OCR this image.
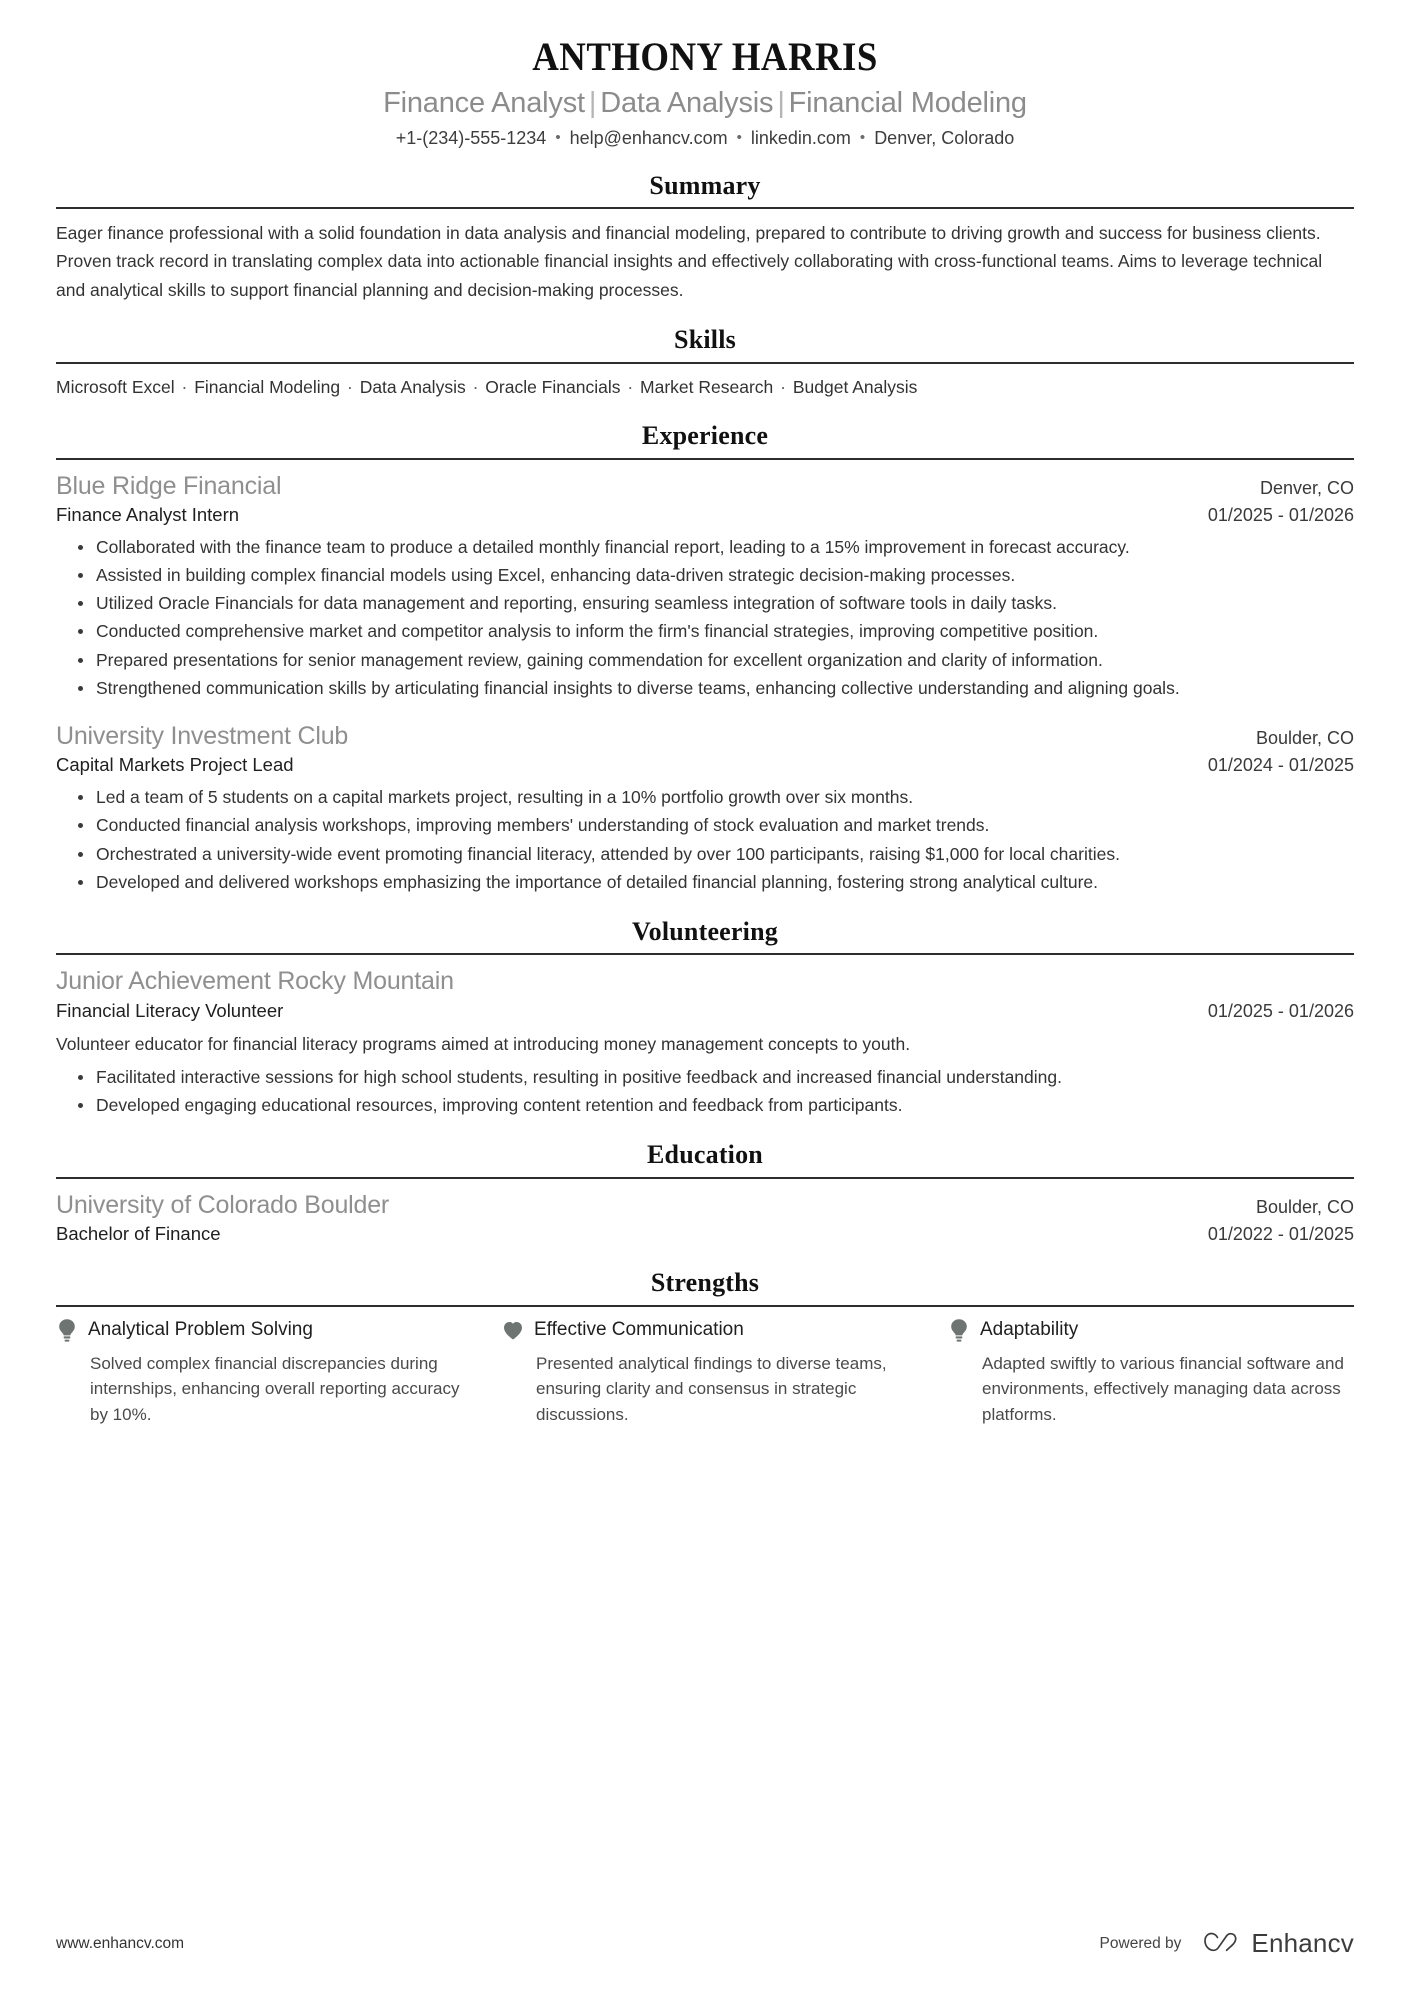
ANTHONY HARRIS
Finance Analyst | Data Analysis | Financial Modeling
+1-(234)-555-1234 • help@enhancv.com • linkedin.com • Denver, Colorado
Summary

Eager finance professional with a solid foundation in data analysis and financial modeling, prepared to contribute to driving growth and success for business clients. Proven track record in translating complex data into actionable financial insights and effectively collaborating with cross-functional teams. Aims to leverage technical and analytical skills to support financial planning and decision-making processes.

Skills

Microsoft Excel · Financial Modeling · Data Analysis · Oracle Financials · Market Research · Budget Analysis

Experience
Blue Ridge Financial	Denver, CO
Finance Analyst Intern	01/2025 - 01/2026
Collaborated with the finance team to produce a detailed monthly financial report, leading to a 15% improvement in forecast accuracy.
Assisted in building complex financial models using Excel, enhancing data-driven strategic decision-making processes.
Utilized Oracle Financials for data management and reporting, ensuring seamless integration of software tools in daily tasks.
Conducted comprehensive market and competitor analysis to inform the firm's financial strategies, improving competitive position.
Prepared presentations for senior management review, gaining commendation for excellent organization and clarity of information.
Strengthened communication skills by articulating financial insights to diverse teams, enhancing collective understanding and aligning goals.
University Investment Club	Boulder, CO
Capital Markets Project Lead	01/2024 - 01/2025
Led a team of 5 students on a capital markets project, resulting in a 10% portfolio growth over six months.
Conducted financial analysis workshops, improving members' understanding of stock evaluation and market trends.
Orchestrated a university-wide event promoting financial literacy, attended by over 100 participants, raising $1,000 for local charities.
Developed and delivered workshops emphasizing the importance of detailed financial planning, fostering strong analytical culture.
Volunteering
Junior Achievement Rocky Mountain
Financial Literacy Volunteer	01/2025 - 01/2026

Volunteer educator for financial literacy programs aimed at introducing money management concepts to youth.

Facilitated interactive sessions for high school students, resulting in positive feedback and increased financial understanding.
Developed engaging educational resources, improving content retention and feedback from participants.
Education
University of Colorado Boulder	Boulder, CO
Bachelor of Finance	01/2022 - 01/2025
Strengths
Analytical Problem Solving

Solved complex financial discrepancies during internships, enhancing overall reporting accuracy by 10%.

Effective Communication

Presented analytical findings to diverse teams, ensuring clarity and consensus in strategic discussions.

Adaptability

Adapted swiftly to various financial software and environments, effectively managing data across platforms.

www.enhancv.com	Powered by	Enhancv
